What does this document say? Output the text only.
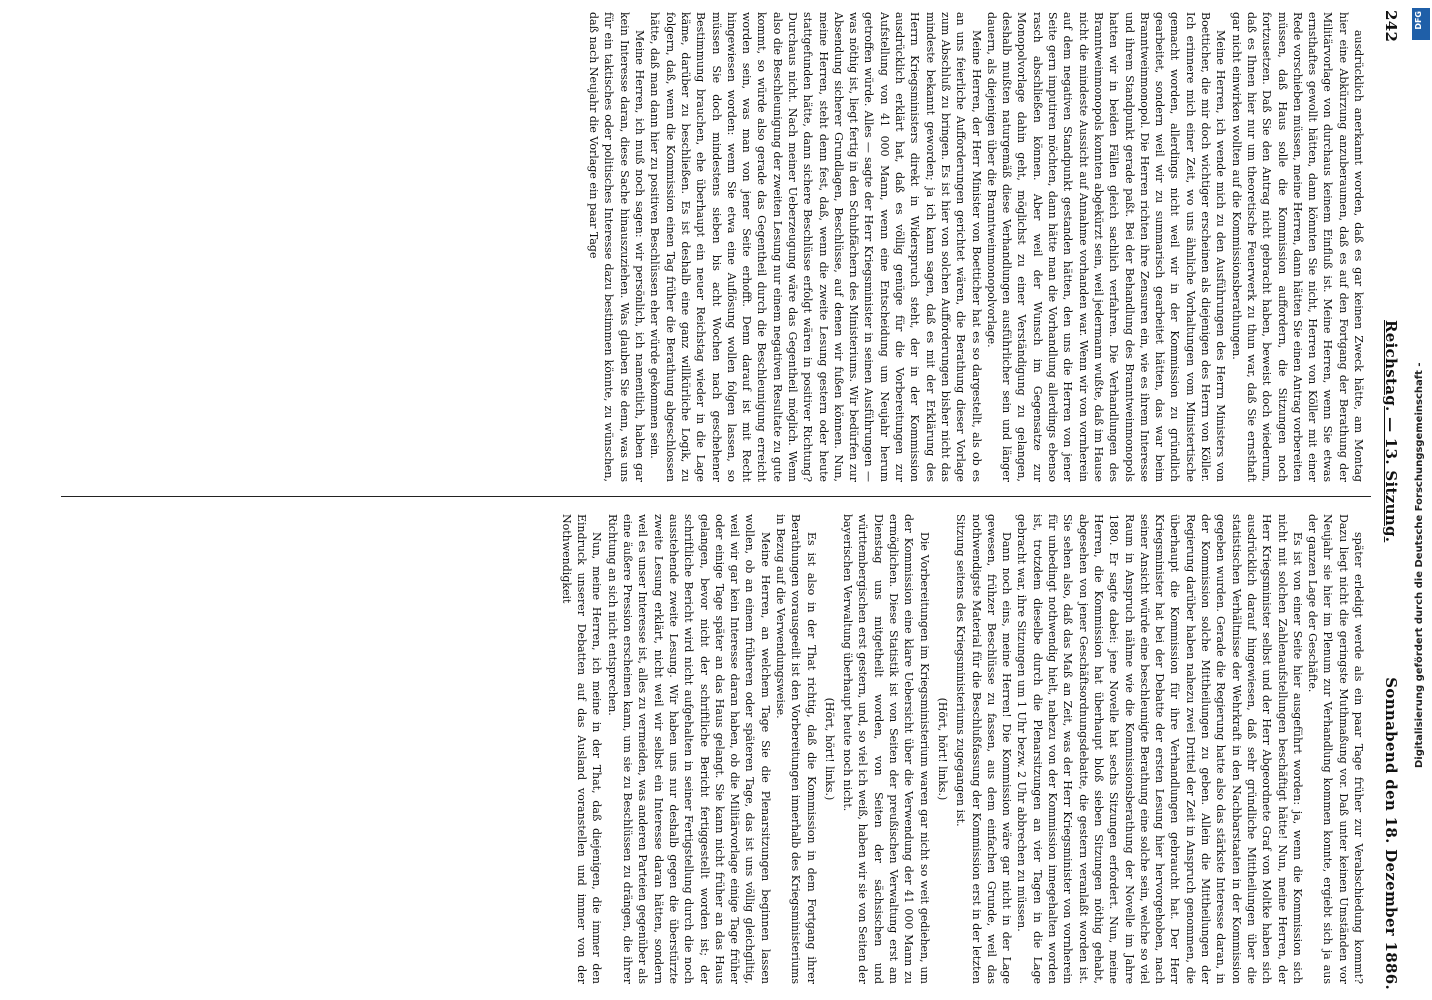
242
Reichstag. — 13. Sitzung.
Sonnabend den 18. Dezember 1886.

ausdrücklich anerkannt worden, daß es gar keinen Zweck hätte, am Montag hier eine Abkürzung anzuberaumen, daß es auf den Fortgang der Berathung der Militärvorlage von durchaus keinem Einfluß ist. Meine Herren, wenn Sie etwas ernsthaftes gewollt hätten, dann könnten Sie nicht, Herren von Köller mit einer Rede vorschieben müssen, meine Herren, dann hätten Sie einen Antrag vorbereiten müssen, daß Haus solle die Kommission auffordern, die Sitzungen noch fortzusetzen. Daß Sie den Antrag nicht gebracht haben, beweist doch wiederum, daß es Ihnen hier nur um theoretische Feuerwerk zu thun war, daß Sie ernsthaft gar nicht einwirken wollten auf die Kommissionsberathungen.

Meine Herren, ich wende mich zu den Ausführungen des Herrn Ministers von Boetticher, die mir doch wichtiger erscheinen als diejenigen des Herrn von Köller. Ich erinnere mich einer Zeit, wo uns ähnliche Vorhaltungen vom Ministertische gemacht worden, allerdings nicht weil wir in der Kommission zu gründlich gearbeitet, sondern weil wir zu summarisch gearbeitet hätten, das war beim Branntweinmonopol. Die Herren richten ihre Zensuren ein, wie es ihrem Interesse und ihrem Standpunkt gerade paßt. Bei der Behandlung des Branntweinmonopols hatten wir in beiden Fällen gleich sachlich verfahren. Die Verhandlungen des Branntweinmonopols konnten abgekürzt sein, weil jedermann wußte, daß im Hause nicht die mindeste Aussicht auf Annahme vorhanden war. Wenn wir von vornherein auf dem negativen Standpunkt gestanden hätten, den uns die Herren von jener Seite gern imputiren möchten, dann hätte man die Vorhandlung allerdings ebenso rasch abschließen können. Aber weil der Wunsch im Gegensatze zur Monopolvorlage dahin geht, möglichst zu einer Verständigung zu gelangen, deshalb mußten naturgemäß diese Verhandlungen ausführlicher sein und länger dauern, als diejenigen über die Branntweinmonopolvorlage.

Meine Herren, der Herr Minister von Boetticher hat es so dargestellt, als ob es an uns feierliche Aufforderungen gerichtet wären, die Berathung dieser Vorlage zum Abschluß zu bringen. Es ist hier von solchen Aufforderungen bisher nicht das mindeste bekannt geworden; ja ich kann sagen, daß es mit der Erklärung des Herrn Kriegsministers direkt in Widerspruch steht, der in der Kommission ausdrücklich erklärt hat, daß es völlig genüge für die Vorbereitungen zur Aufstellung von 41 000 Mann, wenn eine Entscheidung um Neujahr herum getroffen würde. Alles — sagte der Herr Kriegsminister in seinen Ausführungen — was nöthig ist, liegt fertig in den Schubfächern des Ministeriums. Wir bedürfen zur Absendung sicherer Grundlagen, Beschlüsse, auf denen wir fußen können. Nun, meine Herren, steht denn fest, daß, wenn die zweite Lesung gestern oder heute stattgefunden hätte, dann sichere Beschlüsse erfolgt wären in positiver Richtung? Durchaus nicht. Nach meiner Ueberzeugung wäre das Gegentheil möglich. Wenn also die Beschleunigung der zweiten Lesung nur einem negativen Resultate zu gute kommt, so würde also gerade das Gegentheil durch die Beschleunigung erreicht worden sein, was man von jener Seite erhofft. Denn darauf ist mit Recht hingewiesen worden: wenn Sie etwa eine Auflösung wollen folgen lassen, so müssen Sie doch mindestens sieben bis acht Wochen nach geschehener Bestimmung brauchen, ehe überhaupt ein neuer Reichstag wieder in die Lage käme, darüber zu beschließen. Es ist deshalb eine ganz willkürliche Logik, zu folgern, daß, wenn die Kommission einen Tag früher die Berathung abgeschlossen hätte, daß man dann hier zu positiven Beschlüssen eher würde gekommen sein.

Meine Herren, ich muß noch sagen: wir persönlich, ich namentlich, haben gar kein Interesse daran, diese Sache hinauszuziehen. Was glauben Sie denn, was uns für ein taktisches oder politisches Interesse dazu bestimmen könnte, zu wünschen, daß nach Neujahr die Vorlage ein paar Tage

später erledigt werde als ein paar Tage früher zur Verabschiedung kommt? Dazu liegt nicht die geringste Muthmaßung vor. Daß unter keinen Umständen vor Neujahr sie hier im Plenum zur Verhandlung kommen konnte, ergiebt sich ja aus der ganzen Lage der Geschäfte.

Es ist von einer Seite hier ausgeführt worden: ja, wenn die Kommission sich nicht mit solchen Zahlenaufstellungen beschäftigt hätte! Nun, meine Herren, der Herr Kriegsminister selbst und der Herr Abgeordnete Graf von Moltke haben sich ausdrücklich darauf hingewiesen, daß sehr gründliche Mittheilungen über die statistischen Verhältnisse der Wehrkraft in den Nachbarstaaten in der Kommission gegeben wurden. Gerade die Regierung hatte also das stärkste Interesse daran, in der Kommission solche Mittheilungen zu geben. Allein die Mittheilungen der Regierung darüber haben nahezu zwei Drittel der Zeit in Anspruch genommen, die überhaupt die Kommission für ihre Verhandlungen gebraucht hat. Der Herr Kriegsminister hat bei der Debatte der ersten Lesung hier hervorgehoben, nach seiner Ansicht würde eine beschleunigte Berathung eine solche sein, welche so viel Raum in Anspruch nähme wie die Kommissionsberathung der Novelle im Jahre 1880. Er sagte dabei: jene Novelle hat sechs Sitzungen erfordert. Nun, meine Herren, die Kommission hat überhaupt bloß sieben Sitzungen nöthig gehabt, abgesehen von jener Geschäftsordnungsdebatte, die gestern veranlaßt worden ist. Sie sehen also, daß das Maß an Zeit, was der Herr Kriegsminister von vornherein für unbedingt nothwendig hielt, nahezu von der Kommission innegehalten worden ist, trotzdem dieselbe durch die Plenarsitzungen an vier Tagen in die Lage gebracht war, ihre Sitzungen um 1 Uhr bezw. 2 Uhr abbrechen zu müssen.

Dann noch eins, meine Herren! Die Kommission wäre gar nicht in der Lage gewesen, frühzer Beschlüsse zu fassen, aus dem einfachen Grunde, weil das nothwendigste Material für die Beschlußfassung der Kommission erst in der letzten Sitzung seitens des Kriegsministeriums zugegangen ist.

(Hört, hört! links.)

Die Vorbereitungen im Kriegsministerium waren gar nicht so weit gediehen, um der Kommission eine klare Uebersicht über die Verwendung der 41 000 Mann zu ermöglichen. Diese Statistik ist von Seiten der preußischen Verwaltung erst am Dienstag uns mitgetheilt worden, von Seiten der sächsischen und württembergischen erst gestern, und, so viel ich weiß, haben wir sie von Seiten der bayerischen Verwaltung überhaupt heute noch nicht.

(Hört, hört! links.)

Es ist also in der That richtig, daß die Kommission in dem Fortgang ihrer Berathungen vorausgeeilt ist den Vorbereitungen innerhalb des Kriegsministeriums in Bezug auf die Verwendungsweise.

Meine Herren, an welchem Tage Sie die Plenarsitzungen beginnen lassen wollen, ob an einem früheren oder späteren Tage, das ist uns völlig gleichgiltig, weil wir gar kein Interesse daran haben, ob die Militärvorlage einige Tage früher oder einige Tage später an das Haus gelangt. Sie kann nicht früher an das Haus gelangen, bevor nicht der schriftliche Bericht fertiggestellt worden ist; der schriftliche Bericht wird nicht aufgehalten in seiner Fertigstellung durch die noch ausstehende zweite Lesung. Wir haben uns nur deshalb gegen die überstürzte zweite Lesung erklärt, nicht weil wir selbst ein Interesse daran hätten, sondern weil es unser Interesse ist, alles zu vermeiden, was anderen Parteien gegenüber als eine äußere Pression erscheinen kann, um sie zu Beschlüssen zu drängen, die ihrer Richtung an sich nicht entsprechen.

Nun, meine Herren, ich meine in der That, daß diejenigen, die immer den Eindruck unserer Debatten auf das Ausland voranstellen und immer von der Nothwendigkeit

DFG
Digitalisierung gefördert durch die Deutsche Forschungsgemeinschaft -
